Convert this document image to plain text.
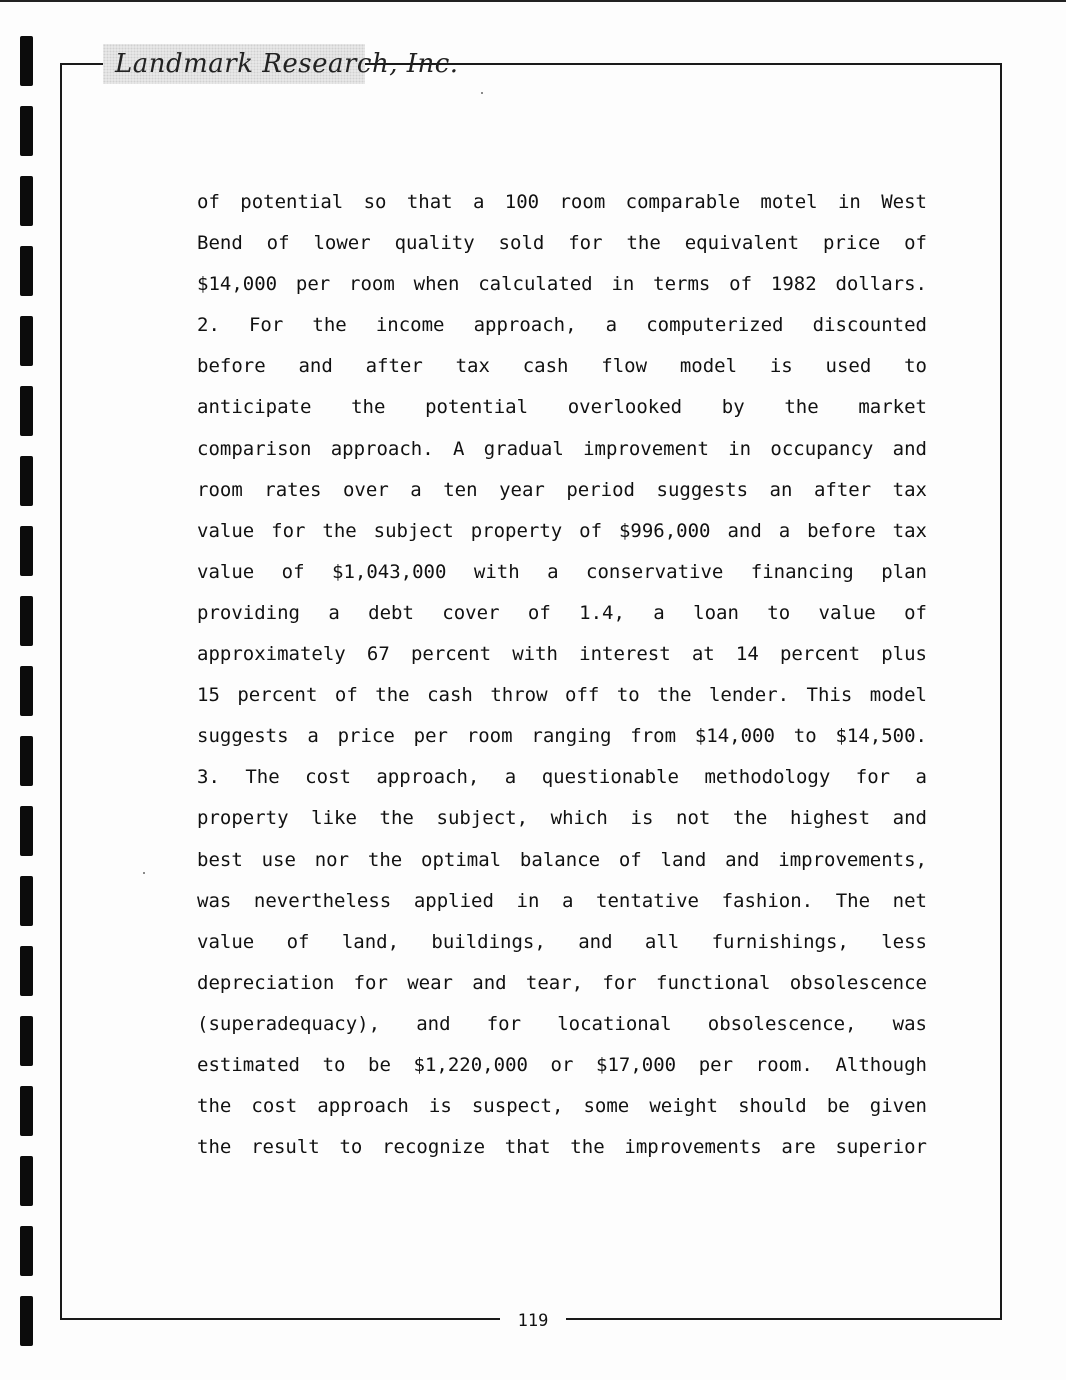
Landmark Research, Inc.
of potential so that a 100 room comparable motel in West
Bend of lower quality sold for the equivalent price of
$14,000 per room when calculated in terms of 1982 dollars.
2. For the income approach, a computerized discounted
before and after tax cash flow model is used to
anticipate the potential overlooked by the market
comparison approach. A gradual improvement in occupancy and
room rates over a ten year period suggests an after tax
value for the subject property of $996,000 and a before tax
value of $1,043,000 with a conservative financing plan
providing a debt cover of 1.4, a loan to value of
approximately 67 percent with interest at 14 percent plus
15 percent of the cash throw off to the lender. This model
suggests a price per room ranging from $14,000 to $14,500.
3. The cost approach, a questionable methodology for a
property like the subject, which is not the highest and
best use nor the optimal balance of land and improvements,
was nevertheless applied in a tentative fashion. The net
value of land, buildings, and all furnishings, less
depreciation for wear and tear, for functional obsolescence
(superadequacy), and for locational obsolescence, was
estimated to be $1,220,000 or $17,000 per room. Although
the cost approach is suspect, some weight should be given
the result to recognize that the improvements are superior
119
